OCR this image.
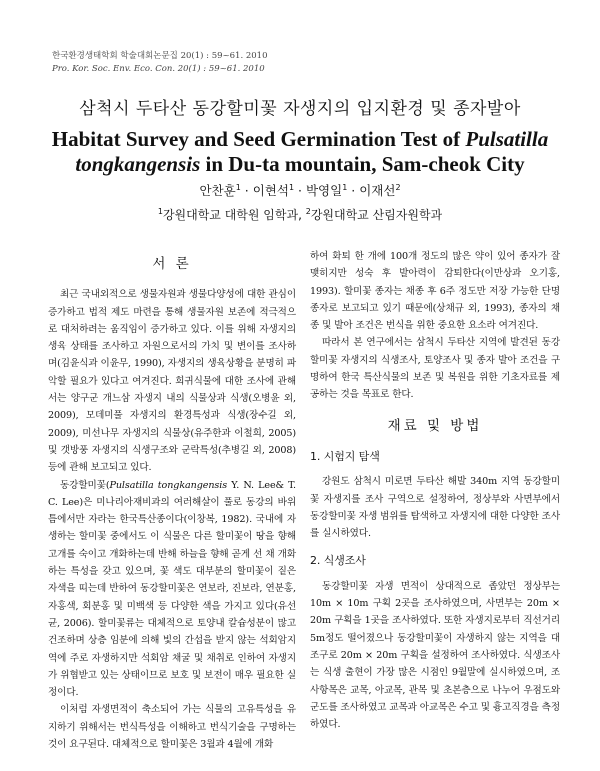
한국환경생태학회 학술대회논문집 20(1) : 59~61. 2010
Pro. Kor. Soc. Env. Eco. Con. 20(1) : 59~61. 2010
삼척시 두타산 동강할미꽃 자생지의 입지환경 및 종자발아
Habitat Survey and Seed Germination Test of Pulsatilla tongkangensis in Du-ta mountain, Sam-cheok City
안찬훈$^1$ · 이현석$^1$ · 박영일$^1$ · 이재선$^2$
$^1$강원대학교 대학원 임학과, $^2$강원대학교 산림자원학과
서 론

최근 국내외적으로 생물자원과 생물다양성에 대한 관심이 증가하고 법적 제도 마련을 통해 생물자원 보존에 적극적으로 대처하려는 움직임이 증가하고 있다. 이를 위해 자생지의 생육 상태를 조사하고 자원으로서의 가치 및 변이를 조사하며(김윤식과 이윤무, 1990), 자생지의 생육상황을 분명히 파악할 필요가 있다고 여겨진다. 희귀식물에 대한 조사에 관해서는 양구군 개느삼 자생지 내의 식물상과 식생(오병윤 외, 2009), 모데미풀 자생지의 환경특성과 식생(장수길 외, 2009), 미선나무 자생지의 식물상(유주한과 이철희, 2005) 및 갯방풍 자생지의 식생구조와 군락특성(추병길 외, 2008) 등에 관해 보고되고 있다.

동강할미꽃(Pulsatilla tongkangensis Y. N. Lee& T. C. Lee)은 미나리아재비과의 여러해살이 풀로 동강의 바위틈에서만 자라는 한국특산종이다(이창복, 1982). 국내에 자생하는 할미꽃 중에서도 이 식물은 다른 할미꽃이 땅을 향해 고개를 숙이고 개화하는데 반해 하늘을 향해 곧게 선 채 개화하는 특성을 갖고 있으며, 꽃 색도 대부분의 할미꽃이 짙은 자색을 띠는데 반하여 동강할미꽃은 연보라, 진보라, 연분홍, 자홍색, 회분홍 및 미백색 등 다양한 색을 가지고 있다(유선균, 2006). 할미꽃류는 대체적으로 토양내 칼슘성분이 많고 건조하며 상층 임분에 의해 빛의 간섭을 받지 않는 석회암지역에 주로 자생하지만 석회암 채굴 및 채취로 인하여 자생지가 위협받고 있는 상태이므로 보호 및 보전이 매우 필요한 실정이다.

이처럼 자생면적이 축소되어 가는 식물의 고유특성을 유지하기 위해서는 번식특성을 이해하고 번식기술을 구명하는 것이 요구된다. 대체적으로 할미꽃은 3월과 4월에 개화

하여 화퇴 한 개에 100개 정도의 많은 약이 있어 종자가 잘 맺히지만 성숙 후 발아력이 감퇴한다(이만상과 오기홍, 1993). 할미꽃 종자는 채종 후 6주 정도만 저장 가능한 단명종자로 보고되고 있기 때문에(상채규 외, 1993), 종자의 채종 및 발아 조건은 번식을 위한 중요한 요소라 여겨진다.

따라서 본 연구에서는 삼척시 두타산 지역에 발견된 동강할미꽃 자생지의 식생조사, 토양조사 및 종자 발아 조건을 구명하여 한국 특산식물의 보존 및 복원을 위한 기초자료를 제공하는 것을 목표로 한다.

재료 및 방법
1. 시험지 탐색

강원도 삼척시 미로면 두타산 해발 340m 지역 동강할미꽃 자생지를 조사 구역으로 설정하여, 정상부와 사면부에서 동강할미꽃 자생 범위를 탐색하고 자생지에 대한 다양한 조사를 실시하였다.

2. 식생조사

동강할미꽃 자생 면적이 상대적으로 좁았던 정상부는 10m × 10m 구획 2곳을 조사하였으며, 사면부는 20m × 20m 구획을 1곳을 조사하였다. 또한 자생지로부터 직선거리 5m정도 떨어졌으나 동강할미꽃이 자생하지 않는 지역을 대조구로 20m × 20m 구획을 설정하여 조사하였다. 식생조사는 식생 출현이 가장 많은 시점인 9월말에 실시하였으며, 조사항목은 교목, 아교목, 관목 및 초본층으로 나누어 우점도와 군도를 조사하였고 교목과 아교목은 수고 및 흉고직경을 측정하였다.
